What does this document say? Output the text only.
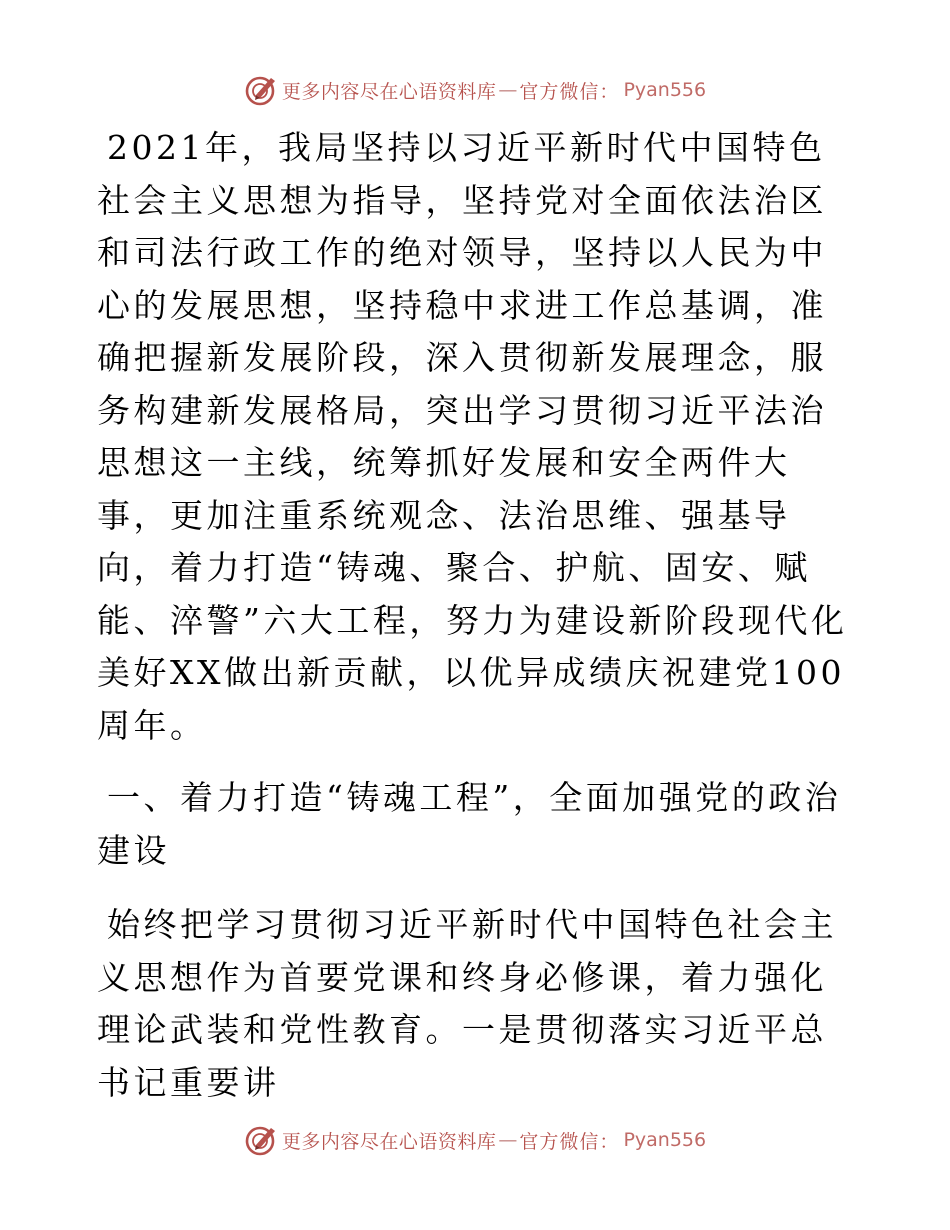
更多内容尽在心语资料库 — 官方微信： Pyan556

2021年，我局坚持以习近平新时代中国特色社会主义思想为指导，坚持党对全面依法治区和司法行政工作的绝对领导，坚持以人民为中心的发展思想，坚持稳中求进工作总基调，准确把握新发展阶段，深入贯彻新发展理念，服务构建新发展格局，突出学习贯彻习近平法治思想这一主线，统筹抓好发展和安全两件大事，更加注重系统观念、法治思维、强基导向，着力打造“铸魂、聚合、护航、固安、赋能、淬警”六大工程，努力为建设新阶段现代化美好XX做出新贡献，以优异成绩庆祝建党100周年。

一、着力打造“铸魂工程”，全面加强党的政治建设

始终把学习贯彻习近平新时代中国特色社会主义思想作为首要党课和终身必修课，着力强化理论武装和党性教育。一是贯彻落实习近平总书记重要讲

更多内容尽在心语资料库 — 官方微信： Pyan556
